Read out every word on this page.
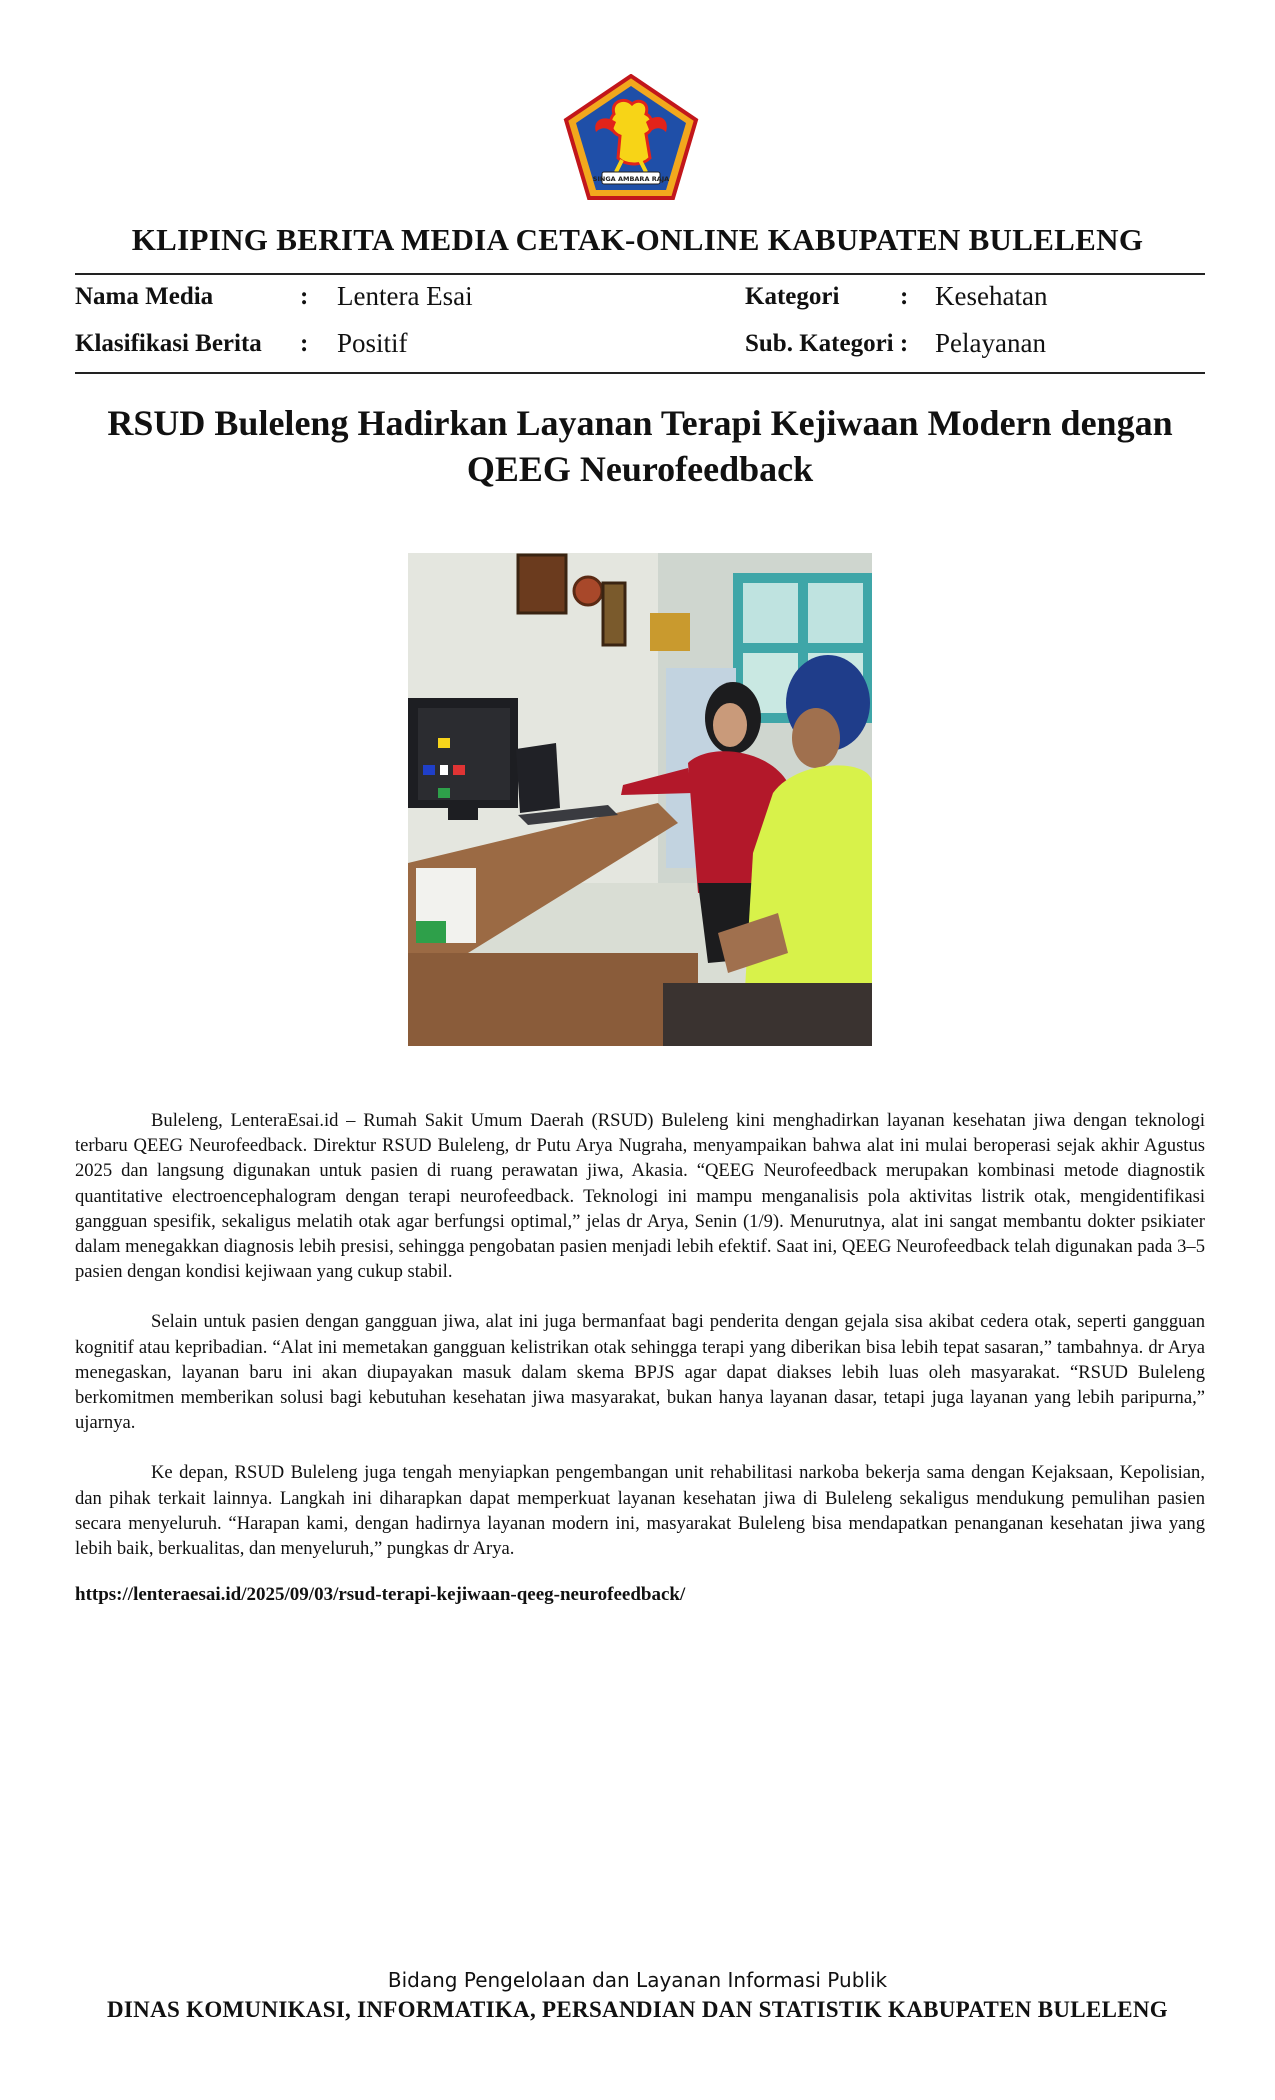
SINGA AMBARA RAJA
KLIPING BERITA MEDIA CETAK-ONLINE KABUPATEN BULELENG
Nama Media	: Lentera Esai	Kategori : Kesehatan
Klasifikasi Berita : Positif	Sub. Kategori : Pelayanan
RSUD Buleleng Hadirkan Layanan Terapi Kejiwaan Modern dengan QEEG Neurofeedback

Buleleng, LenteraEsai.id – Rumah Sakit Umum Daerah (RSUD) Buleleng kini menghadirkan layanan kesehatan jiwa dengan teknologi terbaru QEEG Neurofeedback. Direktur RSUD Buleleng, dr Putu Arya Nugraha, menyampaikan bahwa alat ini mulai beroperasi sejak akhir Agustus 2025 dan langsung digunakan untuk pasien di ruang perawatan jiwa, Akasia. “QEEG Neurofeedback merupakan kombinasi metode diagnostik quantitative electroencephalogram dengan terapi neurofeedback. Teknologi ini mampu menganalisis pola aktivitas listrik otak, mengidentifikasi gangguan spesifik, sekaligus melatih otak agar berfungsi optimal,” jelas dr Arya, Senin (1/9). Menurutnya, alat ini sangat membantu dokter psikiater dalam menegakkan diagnosis lebih presisi, sehingga pengobatan pasien menjadi lebih efektif. Saat ini, QEEG Neurofeedback telah digunakan pada 3–5 pasien dengan kondisi kejiwaan yang cukup stabil.

Selain untuk pasien dengan gangguan jiwa, alat ini juga bermanfaat bagi penderita dengan gejala sisa akibat cedera otak, seperti gangguan kognitif atau kepribadian. “Alat ini memetakan gangguan kelistrikan otak sehingga terapi yang diberikan bisa lebih tepat sasaran,” tambahnya. dr Arya menegaskan, layanan baru ini akan diupayakan masuk dalam skema BPJS agar dapat diakses lebih luas oleh masyarakat. “RSUD Buleleng berkomitmen memberikan solusi bagi kebutuhan kesehatan jiwa masyarakat, bukan hanya layanan dasar, tetapi juga layanan yang lebih paripurna,” ujarnya.

Ke depan, RSUD Buleleng juga tengah menyiapkan pengembangan unit rehabilitasi narkoba bekerja sama dengan Kejaksaan, Kepolisian, dan pihak terkait lainnya. Langkah ini diharapkan dapat memperkuat layanan kesehatan jiwa di Buleleng sekaligus mendukung pemulihan pasien secara menyeluruh. “Harapan kami, dengan hadirnya layanan modern ini, masyarakat Buleleng bisa mendapatkan penanganan kesehatan jiwa yang lebih baik, berkualitas, dan menyeluruh,” pungkas dr Arya.

https://lenteraesai.id/2025/09/03/rsud-terapi-kejiwaan-qeeg-neurofeedback/
Bidang Pengelolaan dan Layanan Informasi Publik
DINAS KOMUNIKASI, INFORMATIKA, PERSANDIAN DAN STATISTIK KABUPATEN BULELENG
